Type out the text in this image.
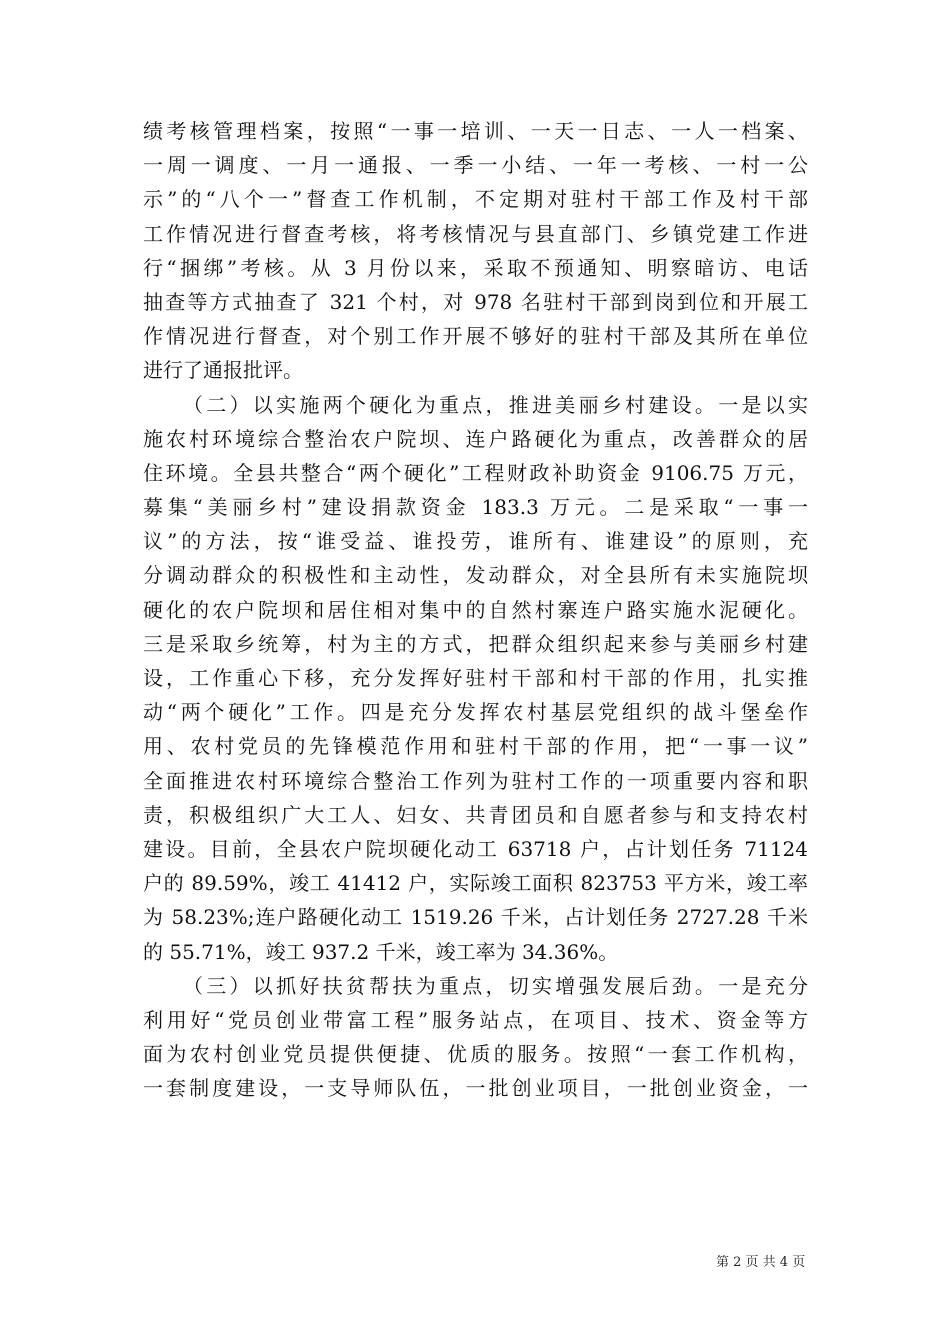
绩考核管理档案，按照“一事一培训、一天一日志、一人一档案、
一周一调度、一月一通报、一季一小结、一年一考核、一村一公
示”的“八个一”督查工作机制，不定期对驻村干部工作及村干部
工作情况进行督查考核，将考核情况与县直部门、乡镇党建工作进
行“捆绑”考核。从 3 月份以来，采取不预通知、明察暗访、电话
抽查等方式抽查了 321 个村，对 978 名驻村干部到岗到位和开展工
作情况进行督查，对个别工作开展不够好的驻村干部及其所在单位
进行了通报批评。
（二）以实施两个硬化为重点，推进美丽乡村建设。一是以实
施农村环境综合整治农户院坝、连户路硬化为重点，改善群众的居
住环境。全县共整合“两个硬化”工程财政补助资金 9106.75 万元，
募集“美丽乡村”建设捐款资金 183.3 万元。二是采取“一事一
议”的方法，按“谁受益、谁投劳，谁所有、谁建设”的原则，充
分调动群众的积极性和主动性，发动群众，对全县所有未实施院坝
硬化的农户院坝和居住相对集中的自然村寨连户路实施水泥硬化。
三是采取乡统筹，村为主的方式，把群众组织起来参与美丽乡村建
设，工作重心下移，充分发挥好驻村干部和村干部的作用，扎实推
动“两个硬化”工作。四是充分发挥农村基层党组织的战斗堡垒作
用、农村党员的先锋模范作用和驻村干部的作用，把“一事一议”
全面推进农村环境综合整治工作列为驻村工作的一项重要内容和职
责，积极组织广大工人、妇女、共青团员和自愿者参与和支持农村
建设。目前，全县农户院坝硬化动工 63718 户，占计划任务 71124
户的 89.59%，竣工 41412 户，实际竣工面积 823753 平方米，竣工率
为 58.23%;连户路硬化动工 1519.26 千米，占计划任务 2727.28 千米
的 55.71%，竣工 937.2 千米，竣工率为 34.36%。
（三）以抓好扶贫帮扶为重点，切实增强发展后劲。一是充分
利用好“党员创业带富工程”服务站点，在项目、技术、资金等方
面为农村创业党员提供便捷、优质的服务。按照“一套工作机构，
一套制度建设，一支导师队伍，一批创业项目，一批创业资金，一
第 2 页 共 4 页
